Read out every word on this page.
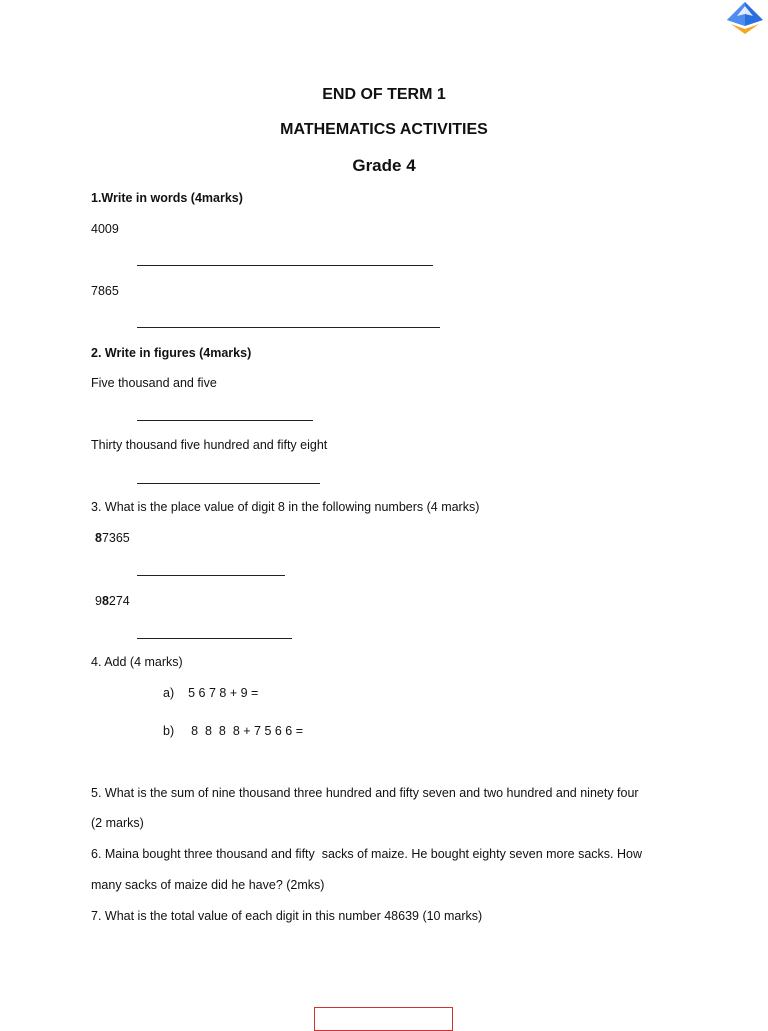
END OF TERM 1
MATHEMATICS ACTIVITIES
Grade 4
1.Write in words (4marks)
4009
7865
2. Write in figures (4marks)
Five thousand and five
Thirty thousand five hundred and fifty eight
3. What is the place value of digit 8 in the following numbers (4 marks)
87365
98274
4. Add (4 marks)
a) 5 6 7 8 + 9 =
b) 8  8  8  8 + 7 5 6 6 =
5. What is the sum of nine thousand three hundred and fifty seven and two hundred and ninety four
(2 marks)
6. Maina bought three thousand and fifty  sacks of maize. He bought eighty seven more sacks. How
many sacks of maize did he have? (2mks)
7. What is the total value of each digit in this number 48639 (10 marks)
